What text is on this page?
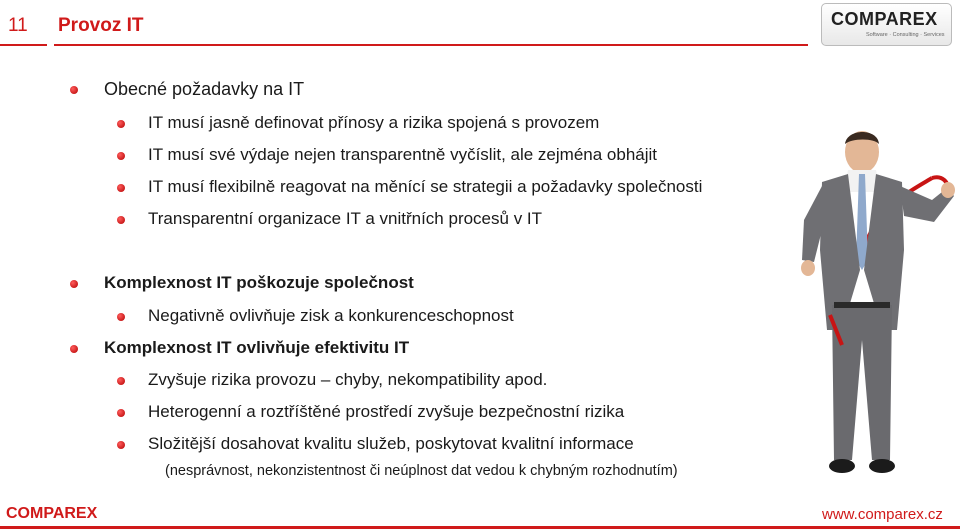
11 Provoz IT	COMPAREX
Software · Consulting · Services
Obecné požadavky na IT
IT musí jasně definovat přínosy a rizika spojená s provozem
IT musí své výdaje nejen transparentně vyčíslit, ale zejména obhájit
IT musí flexibilně reagovat na měnící se strategii a požadavky společnosti
Transparentní organizace IT a vnitřních procesů v IT
Komplexnost IT poškozuje společnost
Negativně ovlivňuje zisk a konkurenceschopnost
Komplexnost IT ovlivňuje efektivitu IT
Zvyšuje rizika provozu – chyby, nekompatibility apod.
Heterogenní a roztříštěné prostředí zvyšuje bezpečnostní rizika
Složitější dosahovat kvalitu služeb, poskytovat kvalitní informace
(nesprávnost, nekonzistentnost či neúplnost dat vedou k chybným rozhodnutím)
COMPAREX	www.comparex.cz
